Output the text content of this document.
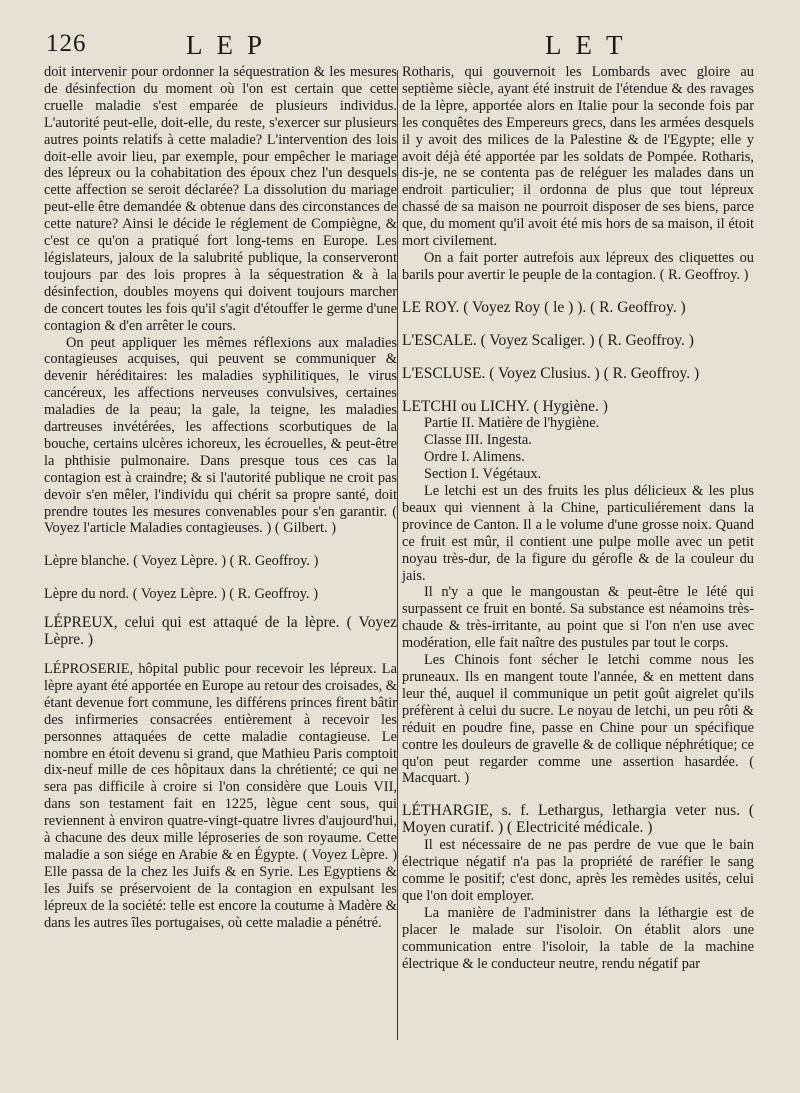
126	LEP	LET

doit intervenir pour ordonner la séquestration & les mesures de désinfection du moment où l'on est certain que cette cruelle maladie s'est emparée de plusieurs individus. L'autorité peut-elle, doit-elle, du reste, s'exercer sur plusieurs autres points relatifs à cette maladie? L'intervention des lois doit-elle avoir lieu, par exemple, pour empêcher le mariage des lépreux ou la cohabitation des époux chez l'un desquels cette affection se seroit déclarée? La dissolution du mariage peut-elle être demandée & obtenue dans des circonstances de cette nature? Ainsi le décide le réglement de Compiègne, & c'est ce qu'on a pratiqué fort long-tems en Europe. Les législateurs, jaloux de la salubrité publique, la conserveront toujours par des lois propres à la séquestration & à la désinfection, doubles moyens qui doivent toujours marcher de concert toutes les fois qu'il s'agit d'étouffer le germe d'une contagion & d'en arrêter le cours.

On peut appliquer les mêmes réflexions aux maladies contagieuses acquises, qui peuvent se communiquer & devenir héréditaires: les maladies syphilitiques, le virus cancéreux, les affections nerveuses convulsives, certaines maladies de la peau; la gale, la teigne, les maladies dartreuses invétérées, les affections scorbutiques de la bouche, certains ulcères ichoreux, les écrouelles, & peut-être la phthisie pulmonaire. Dans presque tous ces cas la contagion est à craindre; & si l'autorité publique ne croit pas devoir s'en mêler, l'individu qui chérit sa propre santé, doit prendre toutes les mesures convenables pour s'en garantir. ( Voyez l'article Maladies contagieuses. ) ( Gilbert. )

Lèpre blanche. ( Voyez Lèpre. ) ( R. Geoffroy. )

Lèpre du nord. ( Voyez Lèpre. ) ( R. Geoffroy. )

LÉPREUX, celui qui est attaqué de la lèpre. ( Voyez Lèpre. )

LÉPROSERIE, hôpital public pour recevoir les lépreux. La lèpre ayant été apportée en Europe au retour des croisades, & étant devenue fort commune, les différens princes firent bâtir des infirmeries consacrées entièrement à recevoir les personnes attaquées de cette maladie contagieuse. Le nombre en étoit devenu si grand, que Mathieu Paris comptoit dix-neuf mille de ces hôpitaux dans la chrétienté; ce qui ne sera pas difficile à croire si l'on considère que Louis VII, dans son testament fait en 1225, lègue cent sous, qui reviennent à environ quatre-vingt-quatre livres d'aujourd'hui, à chacune des deux mille léproseries de son royaume. Cette maladie a son siége en Arabie & en Égypte. ( Voyez Lèpre. ) Elle passa de la chez les Juifs & en Syrie. Les Egyptiens & les Juifs se préservoient de la contagion en expulsant les lépreux de la société: telle est encore la coutume à Madère & dans les autres îles portugaises, où cette maladie a pénétré.

Rotharis, qui gouvernoit les Lombards avec gloire au septième siècle, ayant été instruit de l'étendue & des ravages de la lèpre, apportée alors en Italie pour la seconde fois par les conquêtes des Empereurs grecs, dans les armées desquels il y avoit des milices de la Palestine & de l'Egypte; elle y avoit déjà été apportée par les soldats de Pompée. Rotharis, dis-je, ne se contenta pas de reléguer les malades dans un endroit particulier; il ordonna de plus que tout lépreux chassé de sa maison ne pourroit disposer de ses biens, parce que, du moment qu'il avoit été mis hors de sa maison, il étoit mort civilement.

On a fait porter autrefois aux lépreux des cliquettes ou barils pour avertir le peuple de la contagion. ( R. Geoffroy. )

LE ROY. ( Voyez Roy ( le ) ). ( R. Geoffroy. )

L'ESCALE. ( Voyez Scaliger. ) ( R. Geoffroy. )

L'ESCLUSE. ( Voyez Clusius. ) ( R. Geoffroy. )

LETCHI ou LICHY. ( Hygiène. )

Partie II. Matière de l'hygiène.

Classe III. Ingesta.

Ordre I. Alimens.

Section I. Végétaux.

Le letchi est un des fruits les plus délicieux & les plus beaux qui viennent à la Chine, particuliérement dans la province de Canton. Il a le volume d'une grosse noix. Quand ce fruit est mûr, il contient une pulpe molle avec un petit noyau très-dur, de la figure du gérofle & de la couleur du jais.

Il n'y a que le mangoustan & peut-être le lété qui surpassent ce fruit en bonté. Sa substance est néamoins très-chaude & très-irritante, au point que si l'on n'en use avec modération, elle fait naître des pustules par tout le corps.

Les Chinois font sécher le letchi comme nous les pruneaux. Ils en mangent toute l'année, & en mettent dans leur thé, auquel il communique un petit goût aigrelet qu'ils préfèrent à celui du sucre. Le noyau de letchi, un peu rôti & réduit en poudre fine, passe en Chine pour un spécifique contre les douleurs de gravelle & de collique néphrétique; ce qu'on peut regarder comme une assertion hasardée. ( Macquart. )

LÉTHARGIE, s. f. Lethargus, lethargia veter nus. ( Moyen curatif. ) ( Electricité médicale. )

Il est nécessaire de ne pas perdre de vue que le bain électrique négatif n'a pas la propriété de raréfier le sang comme le positif; c'est donc, après les remèdes usités, celui que l'on doit employer.

La manière de l'administrer dans la léthargie est de placer le malade sur l'isoloir. On établit alors une communication entre l'isoloir, la table de la machine électrique & le conducteur neutre, rendu négatif par
